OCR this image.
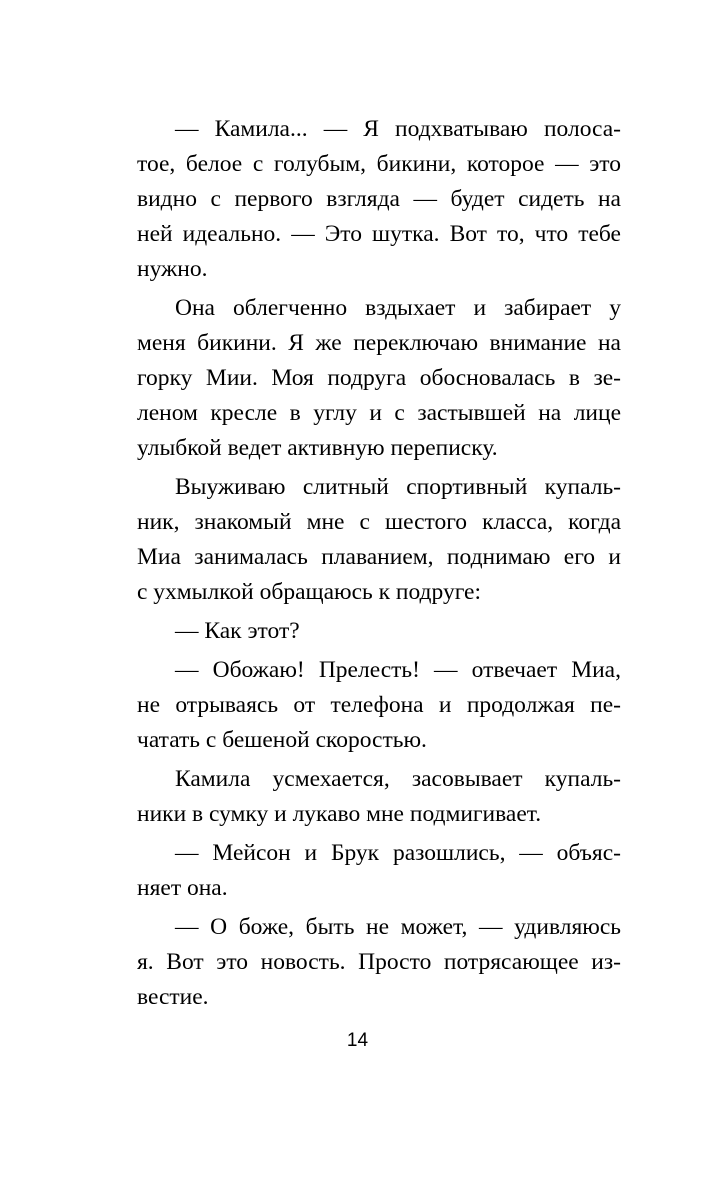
— Камила... — Я подхватываю полоса-
тое, белое с голубым, бикини, которое — это
видно с первого взгляда — будет сидеть на
ней идеально. — Это шутка. Вот то, что тебе
нужно.
Она облегченно вздыхает и забирает у
меня бикини. Я же переключаю внимание на
горку Мии. Моя подруга обосновалась в зе-
леном кресле в углу и с застывшей на лице
улыбкой ведет активную переписку.
Выуживаю слитный спортивный купаль-
ник, знакомый мне с шестого класса, когда
Миа занималась плаванием, поднимаю его и
с ухмылкой обращаюсь к подруге:
— Как этот?
— Обожаю! Прелесть! — отвечает Миа,
не отрываясь от телефона и продолжая пе-
чатать с бешеной скоростью.
Камила усмехается, засовывает купаль-
ники в сумку и лукаво мне подмигивает.
— Мейсон и Брук разошлись, — объяс-
няет она.
— О боже, быть не может, — удивляюсь
я. Вот это новость. Просто потрясающее из-
вестие.
14
